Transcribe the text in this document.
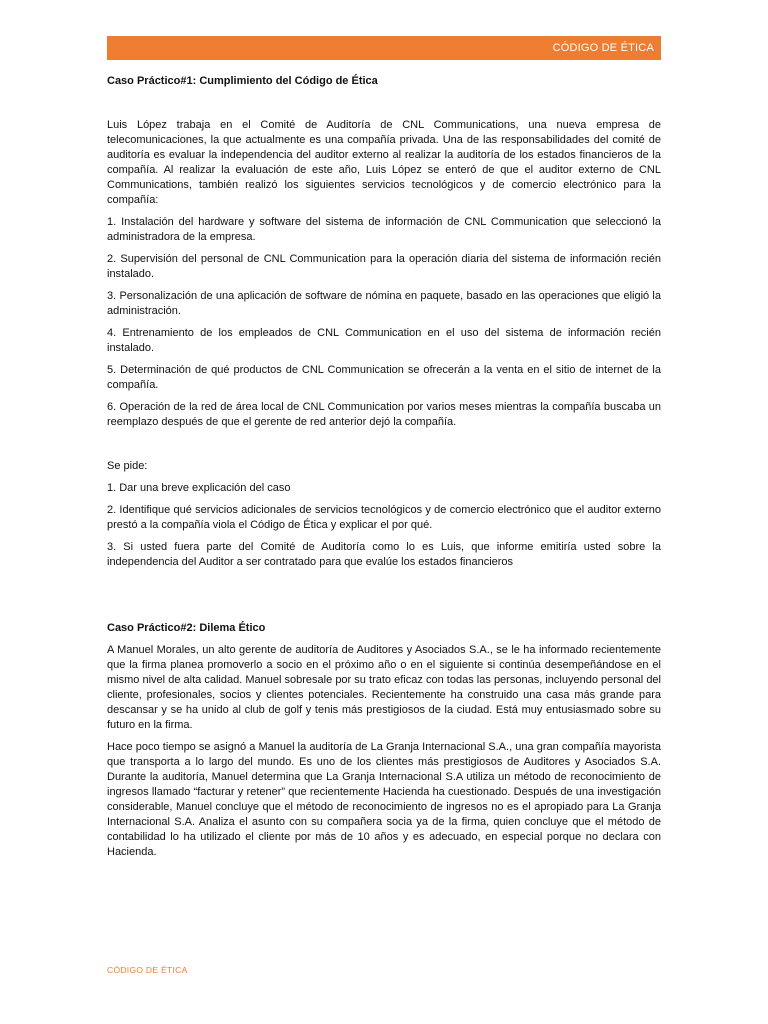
CÓDIGO DE ÉTICA

Caso Práctico#1: Cumplimiento del Código de Ética

Luis López trabaja en el Comité de Auditoría de CNL Communications, una nueva empresa de telecomunicaciones, la que actualmente es una compañía privada. Una de las responsabilidades del comité de auditoría es evaluar la independencia del auditor externo al realizar la auditoría de los estados financieros de la compañía. Al realizar la evaluación de este año, Luis López se enteró de que el auditor externo de CNL Communications, también realizó los siguientes servicios tecnológicos y de comercio electrónico para la compañía:

1. Instalación del hardware y software del sistema de información de CNL Communication que seleccionó la administradora de la empresa.

2. Supervisión del personal de CNL Communication para la operación diaria del sistema de información recién instalado.

3. Personalización de una aplicación de software de nómina en paquete, basado en las operaciones que eligió la administración.

4. Entrenamiento de los empleados de CNL Communication en el uso del sistema de información recién instalado.

5. Determinación de qué productos de CNL Communication se ofrecerán a la venta en el sitio de internet de la compañía.

6. Operación de la red de área local de CNL Communication por varios meses mientras la compañía buscaba un reemplazo después de que el gerente de red anterior dejó la compañía.

Se pide:

1. Dar una breve explicación del caso

2. Identifique qué servicios adicionales de servicios tecnológicos y de comercio electrónico que el auditor externo prestó a la compañía viola el Código de Ética y explicar el por qué.

3. Si usted fuera parte del Comité de Auditoría como lo es Luis, que informe emitiría usted sobre la independencia del Auditor a ser contratado para que evalúe los estados financieros

Caso Práctico#2: Dilema Ético

A Manuel Morales, un alto gerente de auditoría de Auditores y Asociados S.A., se le ha informado recientemente que la firma planea promoverlo a socio en el próximo año o en el siguiente si continúa desempeñándose en el mismo nivel de alta calidad. Manuel sobresale por su trato eficaz con todas las personas, incluyendo personal del cliente, profesionales, socios y clientes potenciales. Recientemente ha construido una casa más grande para descansar y se ha unido al club de golf y tenis más prestigiosos de la ciudad. Está muy entusiasmado sobre su futuro en la firma.

Hace poco tiempo se asignó a Manuel la auditoría de La Granja Internacional S.A., una gran compañía mayorista que transporta a lo largo del mundo. Es uno de los clientes más prestigiosos de Auditores y Asociados S.A. Durante la auditoría, Manuel determina que La Granja Internacional S.A utiliza un método de reconocimiento de ingresos llamado “facturar y retener” que recientemente Hacienda ha cuestionado. Después de una investigación considerable, Manuel concluye que el método de reconocimiento de ingresos no es el apropiado para La Granja Internacional S.A. Analiza el asunto con su compañera socia ya de la firma, quien concluye que el método de contabilidad lo ha utilizado el cliente por más de 10 años y es adecuado, en especial porque no declara con Hacienda.

CÓDIGO DE ÉTICA
